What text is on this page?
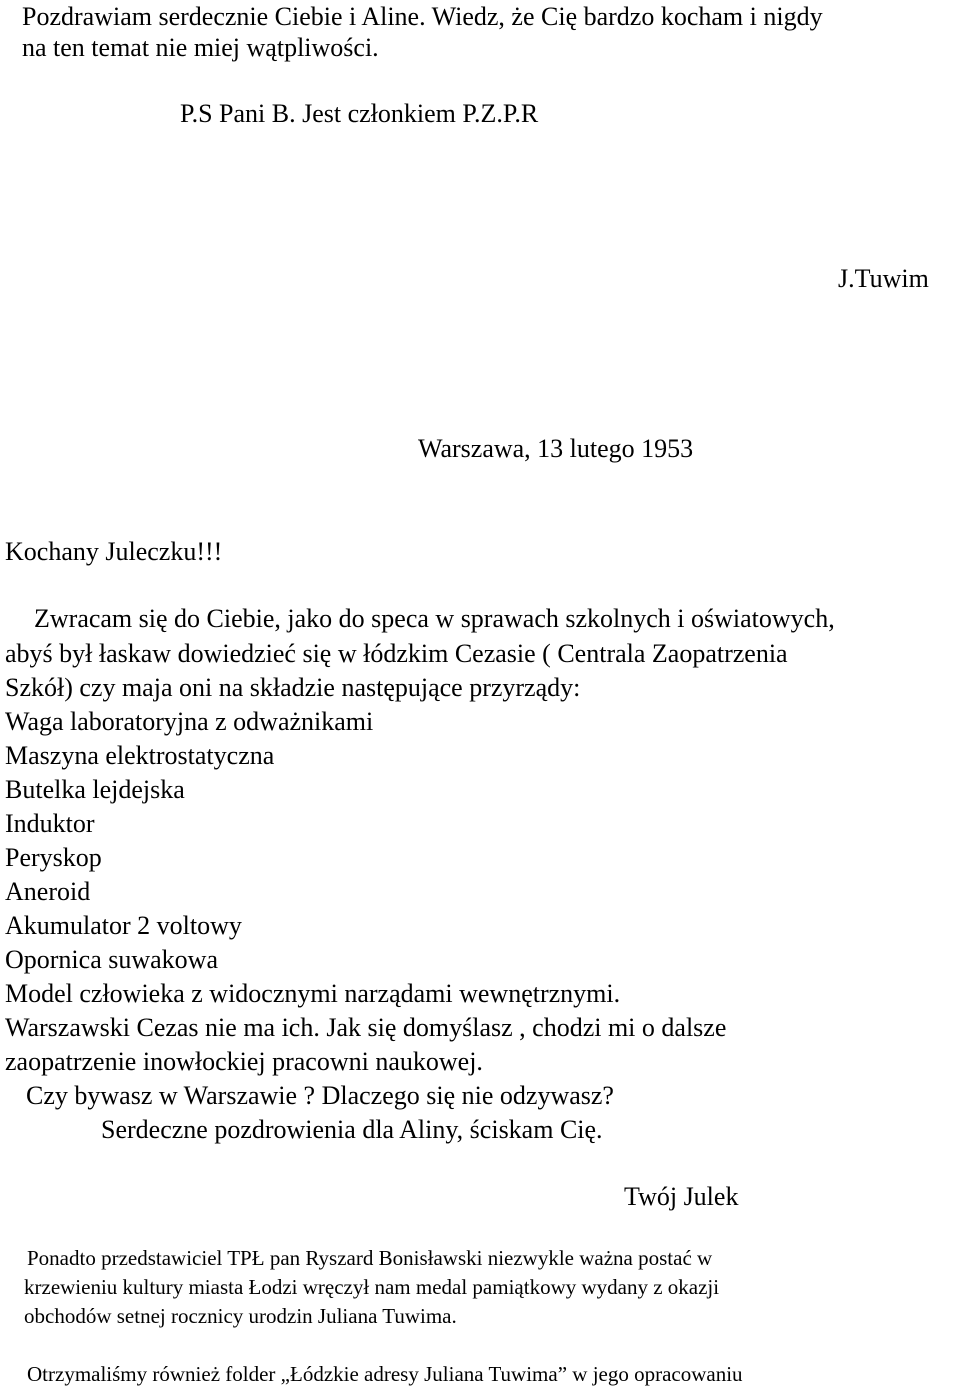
Pozdrawiam serdecznie Ciebie i Aline. Wiedz, że Cię bardzo kocham i nigdy

na ten temat nie miej wątpliwości.

P.S Pani B. Jest członkiem P.Z.P.R

J.Tuwim

Warszawa, 13 lutego 1953

Kochany Juleczku!!!

Zwracam się do Ciebie, jako do speca w sprawach szkolnych i oświatowych,

abyś był łaskaw dowiedzieć się w łódzkim Cezasie ( Centrala Zaopatrzenia

Szkół) czy maja oni na składzie następujące przyrządy:

Waga laboratoryjna z odważnikami

Maszyna elektrostatyczna

Butelka lejdejska

Induktor

Peryskop

Aneroid

Akumulator 2 voltowy

Opornica suwakowa

Model człowieka z widocznymi narządami wewnętrznymi.

Warszawski Cezas nie ma ich. Jak się domyślasz , chodzi mi o dalsze

zaopatrzenie inowłockiej pracowni naukowej.

Czy bywasz w Warszawie ? Dlaczego się nie odzywasz?

Serdeczne pozdrowienia dla Aliny, ściskam Cię.

Twój Julek

Ponadto przedstawiciel TPŁ pan Ryszard Bonisławski niezwykle ważna postać w

krzewieniu kultury miasta Łodzi wręczył nam medal pamiątkowy wydany z okazji

obchodów setnej rocznicy urodzin Juliana Tuwima.

Otrzymaliśmy również folder „Łódzkie adresy Juliana Tuwima” w jego opracowaniu
